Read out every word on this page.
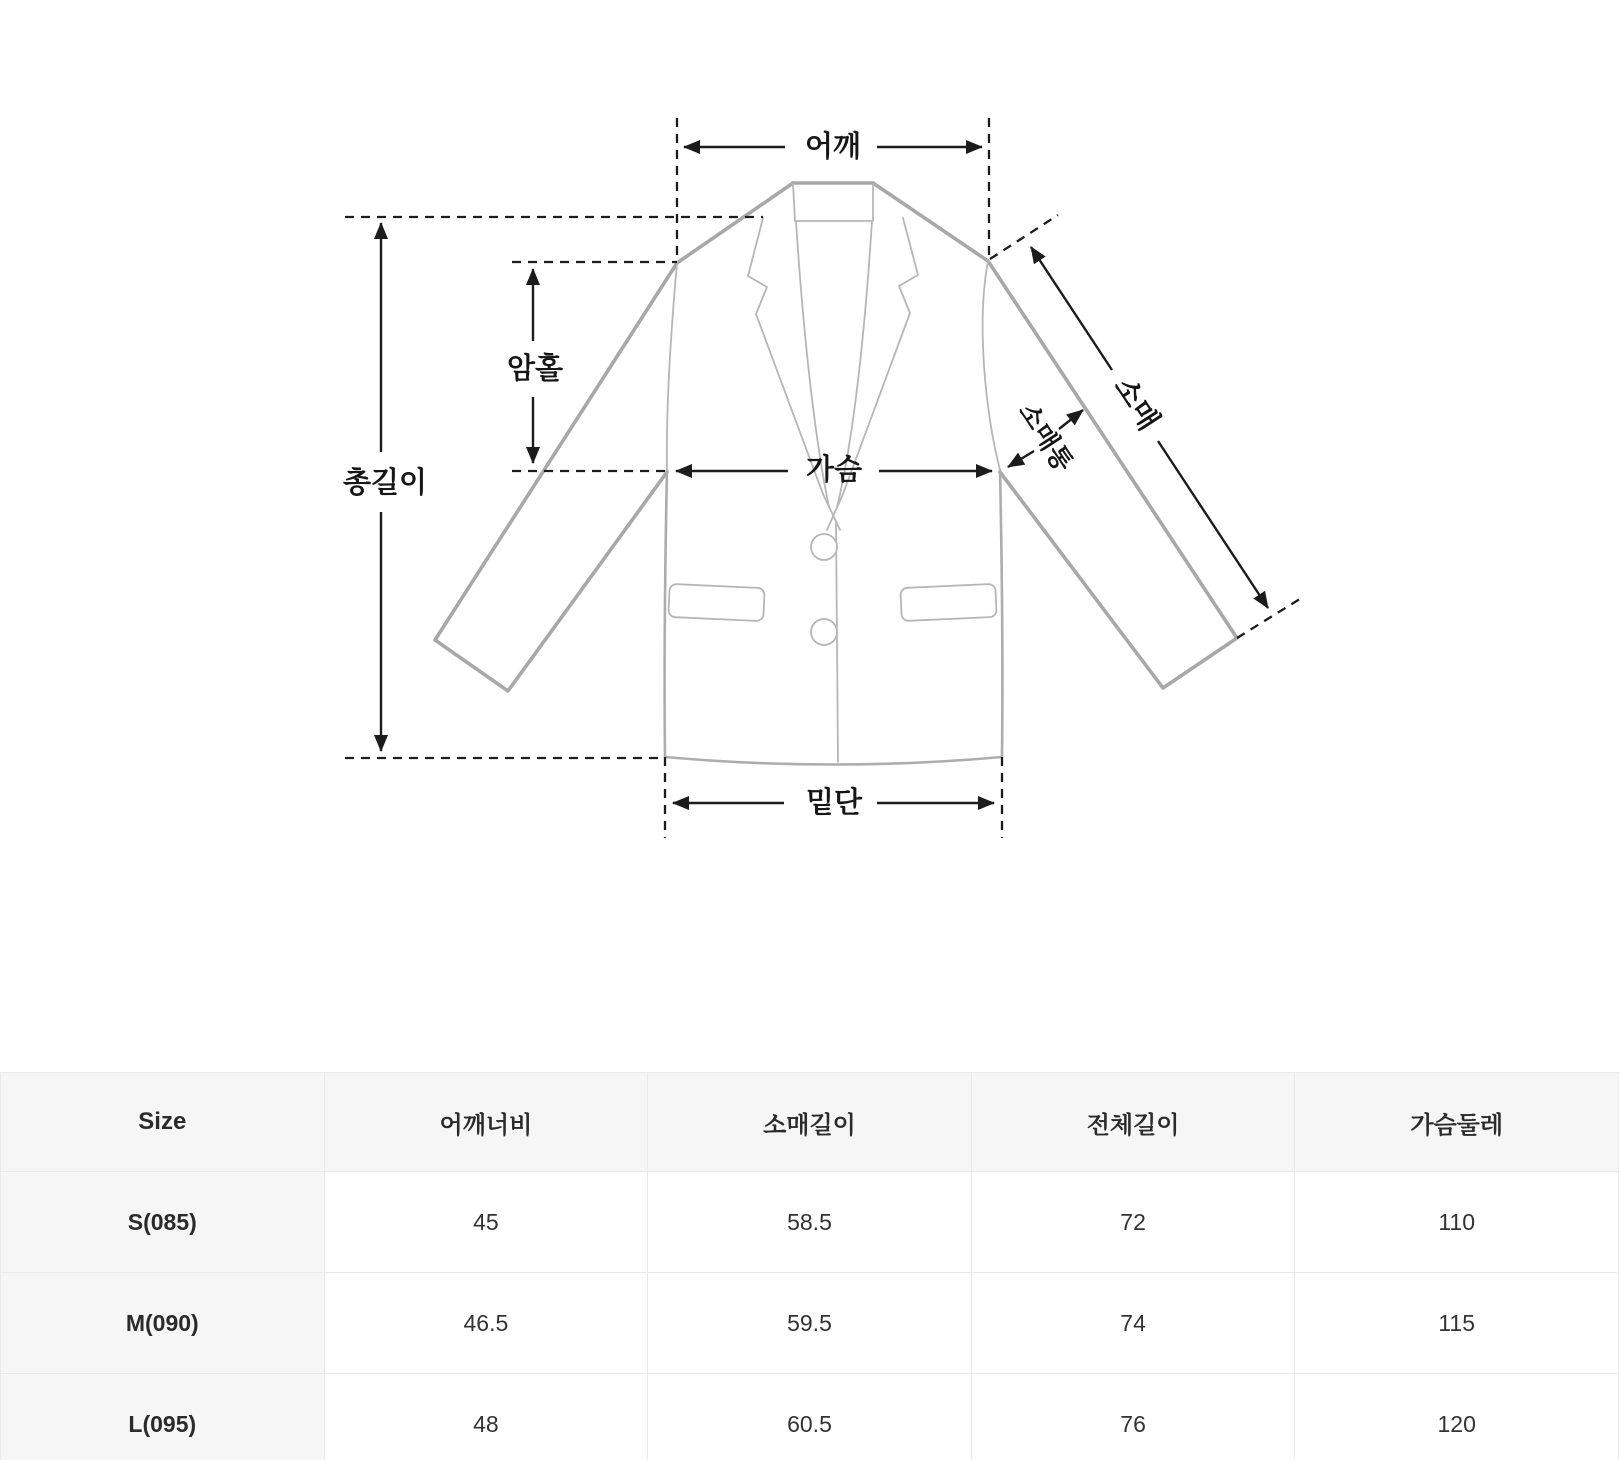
어깨
총길이
암홀
가슴
밑단
소매
소매통
Size	어깨너비	소매길이	전체길이	가슴둘레
S(085)	45	58.5	72	110
M(090)	46.5	59.5	74	115
L(095)	48	60.5	76	120
